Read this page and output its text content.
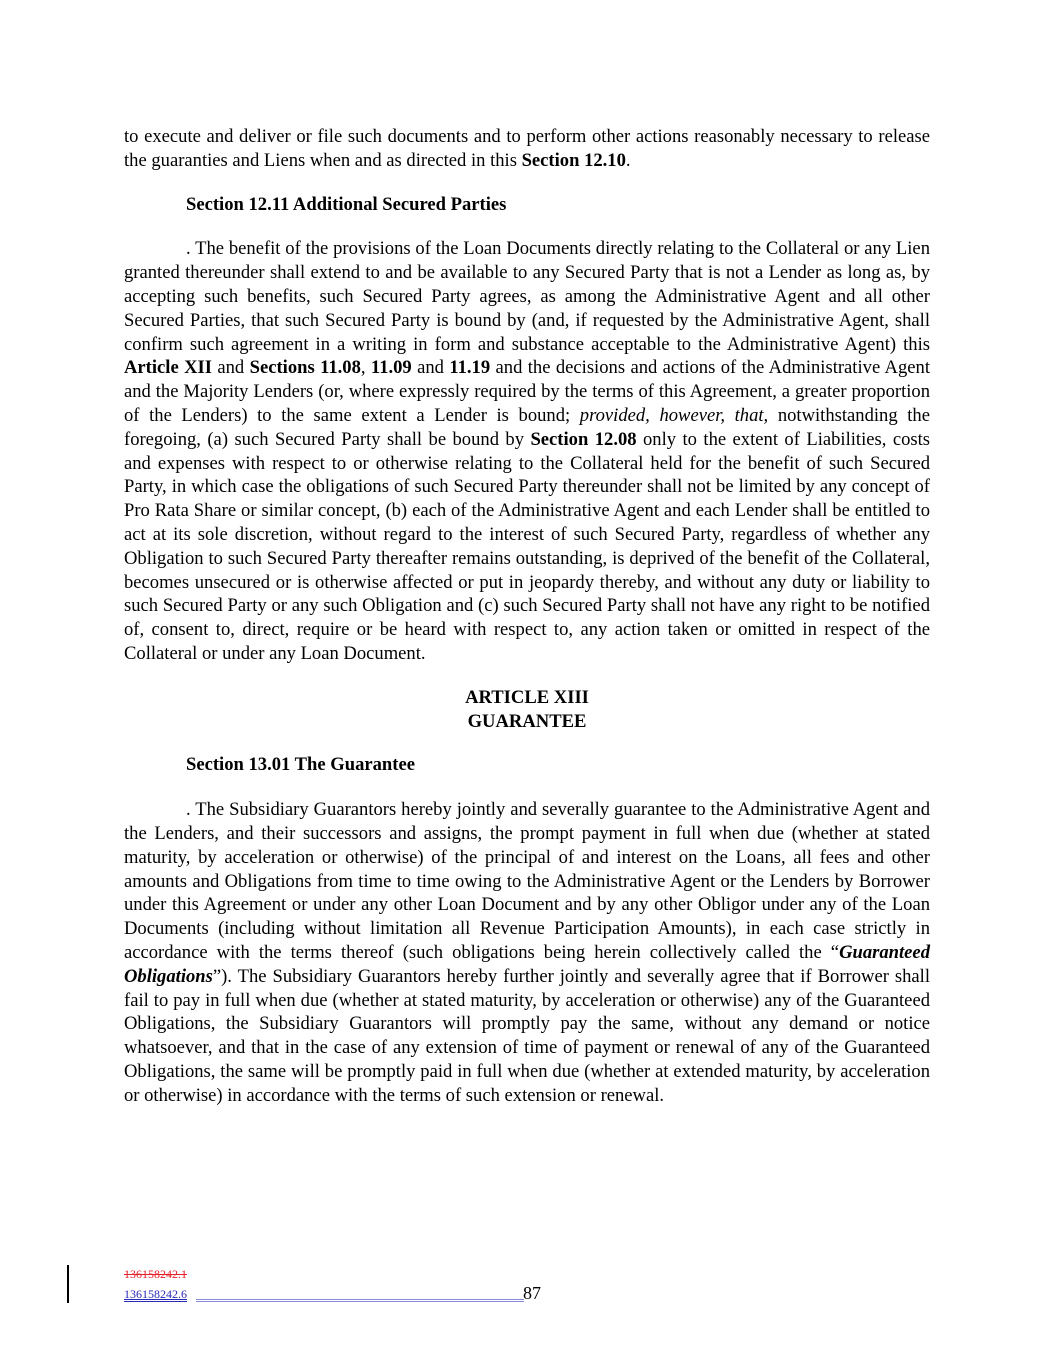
to execute and deliver or file such documents and to perform other actions reasonably necessary to release the guaranties and Liens when and as directed in this Section 12.10.

Section 12.11 Additional Secured Parties

. The benefit of the provisions of the Loan Documents directly relating to the Collateral or any Lien granted thereunder shall extend to and be available to any Secured Party that is not a Lender as long as, by accepting such benefits, such Secured Party agrees, as among the Administrative Agent and all other Secured Parties, that such Secured Party is bound by (and, if requested by the Administrative Agent, shall confirm such agreement in a writing in form and substance acceptable to the Administrative Agent) this Article XII and Sections 11.08, 11.09 and 11.19 and the decisions and actions of the Administrative Agent and the Majority Lenders (or, where expressly required by the terms of this Agreement, a greater proportion of the Lenders) to the same extent a Lender is bound; provided, however, that, notwithstanding the foregoing, (a) such Secured Party shall be bound by Section 12.08 only to the extent of Liabilities, costs and expenses with respect to or otherwise relating to the Collateral held for the benefit of such Secured Party, in which case the obligations of such Secured Party thereunder shall not be limited by any concept of Pro Rata Share or similar concept, (b) each of the Administrative Agent and each Lender shall be entitled to act at its sole discretion, without regard to the interest of such Secured Party, regardless of whether any Obligation to such Secured Party thereafter remains outstanding, is deprived of the benefit of the Collateral, becomes unsecured or is otherwise affected or put in jeopardy thereby, and without any duty or liability to such Secured Party or any such Obligation and (c) such Secured Party shall not have any right to be notified of, consent to, direct, require or be heard with respect to, any action taken or omitted in respect of the Collateral or under any Loan Document.

ARTICLE XIII

GUARANTEE

Section 13.01 The Guarantee

. The Subsidiary Guarantors hereby jointly and severally guarantee to the Administrative Agent and the Lenders, and their successors and assigns, the prompt payment in full when due (whether at stated maturity, by acceleration or otherwise) of the principal of and interest on the Loans, all fees and other amounts and Obligations from time to time owing to the Administrative Agent or the Lenders by Borrower under this Agreement or under any other Loan Document and by any other Obligor under any of the Loan Documents (including without limitation all Revenue Participation Amounts), in each case strictly in accordance with the terms thereof (such obligations being herein collectively called the “Guaranteed Obligations”). The Subsidiary Guarantors hereby further jointly and severally agree that if Borrower shall fail to pay in full when due (whether at stated maturity, by acceleration or otherwise) any of the Guaranteed Obligations, the Subsidiary Guarantors will promptly pay the same, without any demand or notice whatsoever, and that in the case of any extension of time of payment or renewal of any of the Guaranteed Obligations, the same will be promptly paid in full when due (whether at extended maturity, by acceleration or otherwise) in accordance with the terms of such extension or renewal.

136158242.1
136158242.6	87
